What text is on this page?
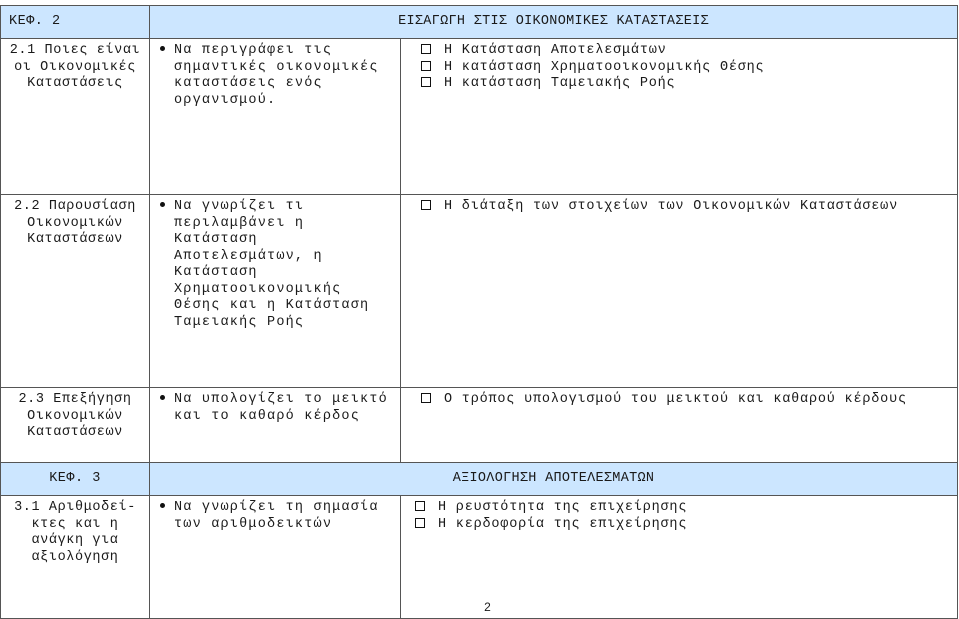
ΚΕΦ. 2	ΕΙΣΑΓΩΓΗ ΣΤΙΣ ΟΙΚΟΝΟΜΙΚΕΣ ΚΑΤΑΣΤΑΣΕΙΣ	
2.1 Ποιες είναι οι Οικονομικές Καταστάσεις	Να περιγράφει τις σημαντικές οικονομικές καταστάσεις ενός οργανισμού.	Η Κατάσταση Αποτελεσμάτων
Η κατάσταση Χρηματοοικονομικής Θέσης
Η κατάσταση Ταμειακής Ροής

2.2 Παρουσίαση Οικονομικών Καταστάσεων	Να γνωρίζει τι περιλαμβάνει η Κατάσταση Αποτελεσμάτων, η Κατάσταση Χρηματοοικονομικής Θέσης και η Κατάσταση Ταμειακής Ροής	Η διάταξη των στοιχείων των Οικονομικών Καταστάσεων

2.3 Επεξήγηση Οικονομικών Καταστάσεων	Να υπολογίζει το μεικτό και το καθαρό κέρδος	Ο τρόπος υπολογισμού του μεικτού και καθαρού κέρδους

ΚΕΦ. 3	ΑΞΙΟΛΟΓΗΣΗ ΑΠΟΤΕΛΕΣΜΑΤΩΝ	
3.1 Αριθμοδεί- κτες και η ανάγκη για αξιολόγηση	Να γνωρίζει τη σημασία των αριθμοδεικτών	Η ρευστότητα της επιχείρησης
Η κερδοφορία της επιχείρησης
2
